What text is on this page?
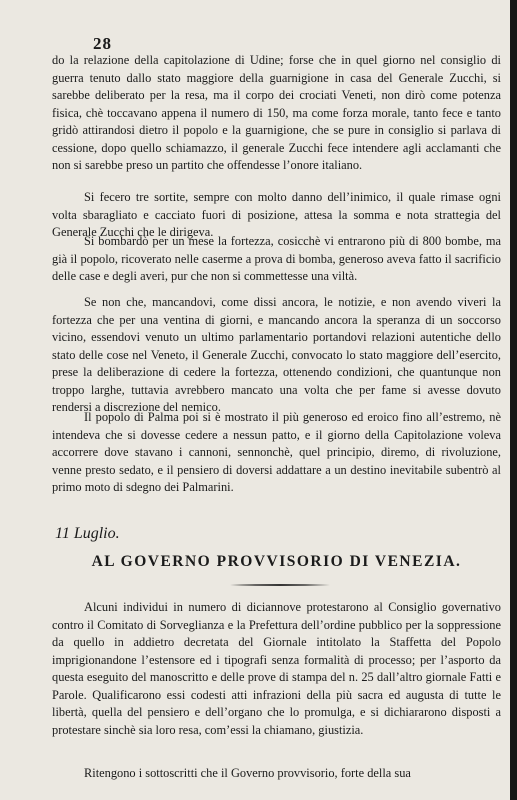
28

do la relazione della capitolazione di Udine; forse che in quel giorno nel consiglio di guerra tenuto dallo stato maggiore della guarnigione in casa del Generale Zucchi, si sarebbe deliberato per la resa, ma il corpo dei crociati Veneti, non dirò come potenza fisica, chè toccavano appena il numero di 150, ma come forza morale, tanto fece e tanto gridò attirandosi dietro il popolo e la guarnigione, che se pure in consiglio si parlava di cessione, dopo quello schiamazzo, il generale Zucchi fece intendere agli acclamanti che non si sarebbe preso un partito che offendesse l’onore italiano.

Si fecero tre sortite, sempre con molto danno dell’inimico, il quale rimase ogni volta sbaragliato e cacciato fuori di posizione, attesa la somma e nota strattegia del Generale Zucchi che le dirigeva.

Si bombardò per un mese la fortezza, cosicchè vi entrarono più di 800 bombe, ma già il popolo, ricoverato nelle caserme a prova di bomba, generoso aveva fatto il sacrificio delle case e degli averi, pur che non si commettesse una viltà.

Se non che, mancandovi, come dissi ancora, le notizie, e non avendo viveri la fortezza che per una ventina di giorni, e mancando ancora la speranza di un soccorso vicino, essendovi venuto un ultimo parlamentario portandovi relazioni autentiche dello stato delle cose nel Veneto, il Generale Zucchi, convocato lo stato maggiore dell’esercito, prese la deliberazione di cedere la fortezza, ottenendo condizioni, che quantunque non troppo larghe, tuttavia avrebbero mancato una volta che per fame si avesse dovuto rendersi a discrezione del nemico.

Il popolo di Palma poi si è mostrato il più generoso ed eroico fino all’estremo, nè intendeva che si dovesse cedere a nessun patto, e il giorno della Capitolazione voleva accorrere dove stavano i cannoni, sennonchè, quel principio, diremo, di rivoluzione, venne presto sedato, e il pensiero di doversi addattare a un destino inevitabile subentrò al primo moto di sdegno dei Palmarini.

11 Luglio.
AL GOVERNO PROVVISORIO DI VENEZIA.

Alcuni individui in numero di diciannove protestarono al Consiglio governativo contro il Comitato di Sorveglianza e la Prefettura dell’ordine pubblico per la soppressione da quello in addietro decretata del Giornale intitolato la Staffetta del Popolo imprigionandone l’estensore ed i tipografi senza formalità di processo; per l’asporto da questa eseguito del manoscritto e delle prove di stampa del n. 25 dall’altro giornale Fatti e Parole. Qualificarono essi codesti atti infrazioni della più sacra ed augusta di tutte le libertà, quella del pensiero e dell’organo che lo promulga, e si dichiararono disposti a protestare sinchè sia loro resa, com’essi la chiamano, giustizia.

Ritengono i sottoscritti che il Governo provvisorio, forte della sua
